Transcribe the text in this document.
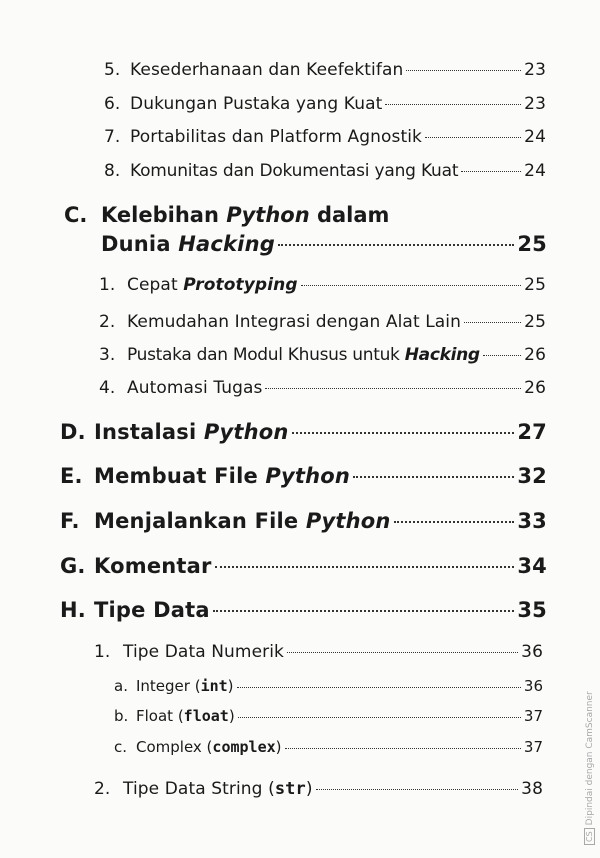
5. Kesederhanaan dan Keefektifan	23
6. Dukungan Pustaka yang Kuat	23
7. Portabilitas dan Platform Agnostik	24
8. Komunitas dan Dokumentasi yang Kuat	24
C. Kelebihan Python dalam
Dunia Hacking	25
1. Cepat Prototyping	25
2. Kemudahan Integrasi dengan Alat Lain	25
3. Pustaka dan Modul Khusus untuk Hacking	26
4. Automasi Tugas	26
D. Instalasi Python	27
E. Membuat File Python	32
F. Menjalankan File Python	33
G. Komentar	34
H. Tipe Data	35
1. Tipe Data Numerik	36
a. Integer (int)	36
b. Float (float)	37
c. Complex (complex)	37
2. Tipe Data String (str)	38
CSDipindai dengan CamScanner
